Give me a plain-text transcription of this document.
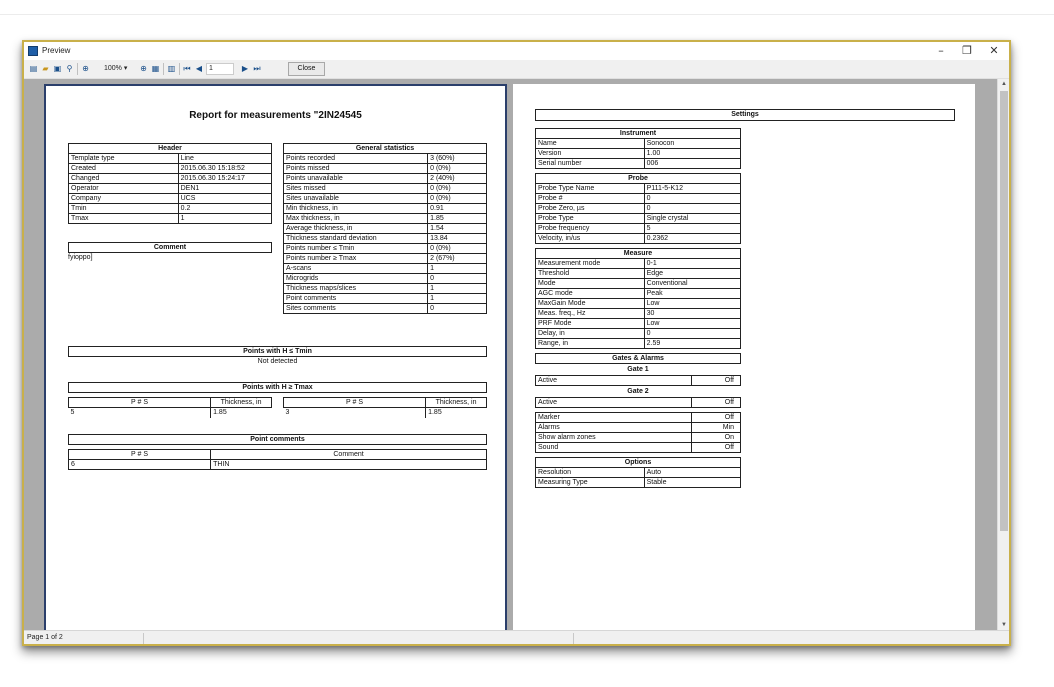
Preview	–	❐	✕
▤ ▰ ▣ ⚲	⊕	100% ▾	⊕ ▦ ▥ ⏮ ◀ 1	▶ ⏭	Close
Report for measurements "2IN24545
Header	
Template type	Line
Created	2015.06.30 15:18:52
Changed	2015.06.30 15:24:17
Operator	DEN1
Company	UCS
Tmin	0.2
Tmax	1
Comment
fyioppo]
General statistics	
Points recorded	3 (60%)
Points missed	0 (0%)
Points unavailable	2 (40%)
Sites missed	0 (0%)
Sites unavailable	0 (0%)
Min thickness, in	0.91
Max thickness, in	1.85
Average thickness, in	1.54
Thickness standard deviation	13.84
Points number ≤ Tmin	0 (0%)
Points number ≥ Tmax	2 (67%)
A-scans	1
Microgrids	0
Thickness maps/slices	1
Point comments	1
Sites comments	0
Points with H ≤ Tmin
Not detected
Points with H ≥ Tmax
P # S	Thickness, in
5	1.85
P # S	Thickness, in
3	1.85
Point comments
P # S	Comment
6	THIN
Settings
Instrument	
Name	Sonocon
Version	1.00
Serial number	006
Probe	
Probe Type Name	P111-5-K12
Probe #	0
Probe Zero, µs	0
Probe Type	Single crystal
Probe frequency	5
Velocity, in/us	0.2362
Measure	
Measurement mode	0-1
Threshold	Edge
Mode	Conventional
AGC mode	Peak
MaxGain Mode	Low
Meas. freq., Hz	30
PRF Mode	Low
Delay, in	0
Range, in	2.59
Gates & Alarms
Gate 1
Active	Off
Gate 2
Active	Off
Marker	Off
Alarms	Min
Show alarm zones	On
Sound	Off
Options	
Resolution	Auto
Measuring Type	Stable
▲
▼
Page 1 of 2
